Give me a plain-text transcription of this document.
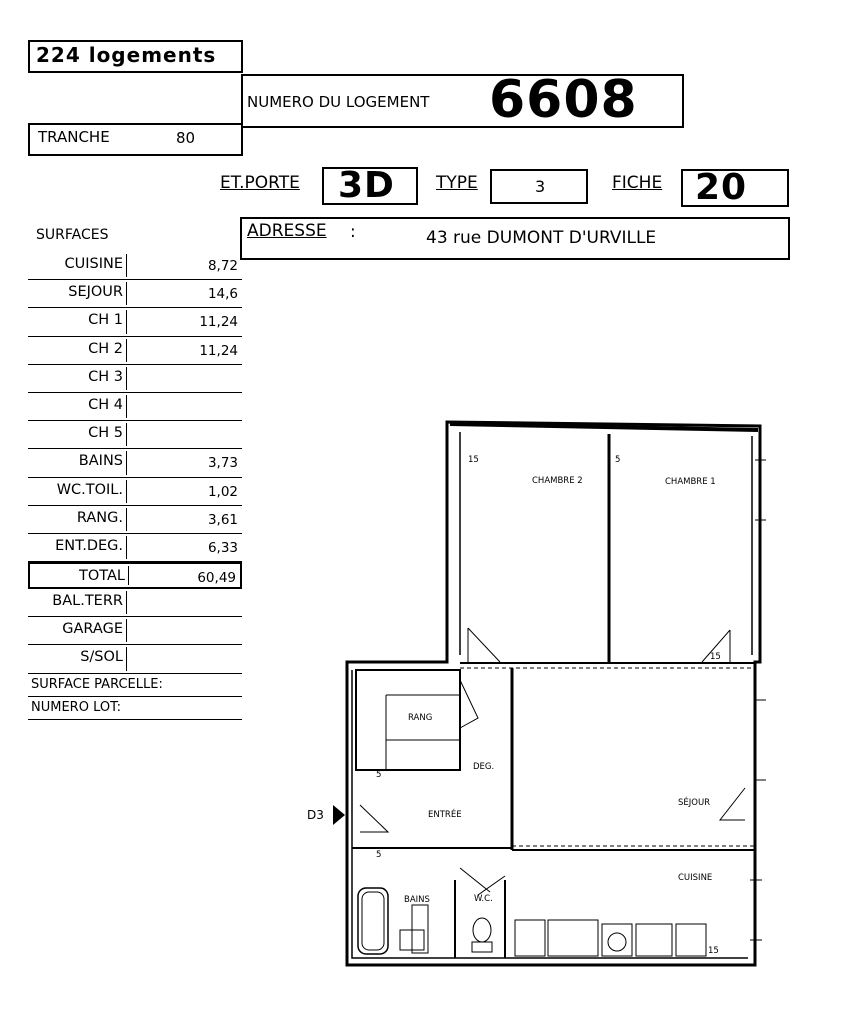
224 logements
NUMERO DU LOGEMENT 6608
TRANCHE	80
ET.PORTE 3D TYPE	3	FICHE 20
ADRESSE :	43 rue DUMONT D'URVILLE
SURFACES
CUISINE	8,72
SEJOUR	14,6
CH 1	11,24
CH 2	11,24
CH 3
CH 4
CH 5
BAINS	3,73
WC.TOIL.	1,02
RANG.	3,61
ENT.DEG.	6,33
TOTAL	60,49
BAL.TERR
GARAGE
S/SOL
SURFACE PARCELLE:
NUMERO LOT:
CHAMBRE 2	CHAMBRE 1
RANG
DEG.
ENTRÉE
SÉJOUR
CUISINE
BAINS	W.C.
D3
15	5
15
5
5
15
